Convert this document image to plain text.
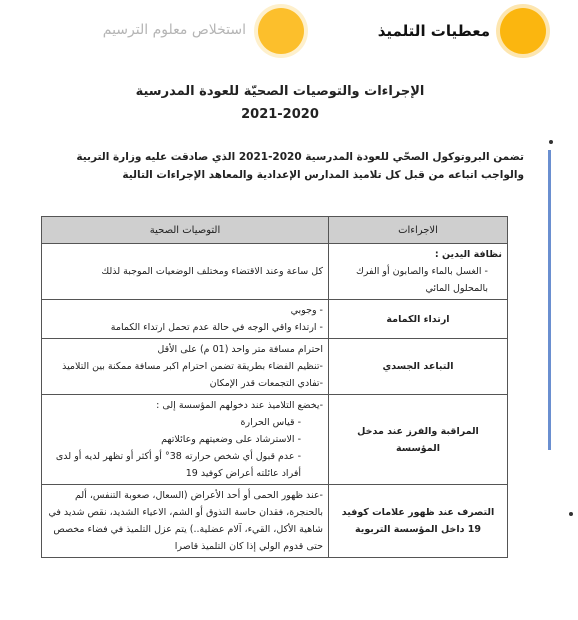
معطيات التلميذ
استخلاص معلوم الترسيم
الإجراءات والتوصيات الصحيّة للعودة المدرسية
2021-2020
تضمن البروتوكول الصحّي للعودة المدرسية 2020-2021 الذي صادقت عليه وزارة التربية والواجب اتباعه من قبل كل تلاميذ المدارس الإعدادية والمعاهد الإجراءات التالية
الاجراءات	التوصيات الصحية

نظافة اليدين :
- الغسل بالماء والصابون أو الفرك بالمحلول المائي	كل ساعة وعند الاقتضاء ومختلف الوضعيات الموجبة لذلك

ارتداء الكمامة	- وجوبي
- ارتداء واقي الوجه في حالة عدم تحمل ارتداء الكمامة

التباعد الجسدي	احترام مسافة متر واحد (01 م) على الأقل
-تنظيم الفضاء بطريقة تضمن احترام اكبر مسافة ممكنة بين التلاميذ
-تفادي التجمعات قدر الإمكان

المراقبة والفرز عند مدخل المؤسسة	-يخضع التلاميذ عند دخولهم المؤسسة إلى :
- قياس الحرارة
- الاسترشاد على وضعيتهم وعائلاتهم
- عدم قبول أي شخص حرارته 38° أو أكثر أو تظهر لديه أو لدى أفراد عائلته أعراض كوفيد 19

التصرف عند ظهور علامات كوفيد 19 داخل المؤسسة التربوية	-عند ظهور الحمى أو أحد الأعراض (السعال، صعوبة التنفس، ألم بالحنجرة، فقدان حاسة التذوق أو الشم، الاعياء الشديد، نقص شديد في شاهية الأكل، القيء، آلام عضلية..) يتم عزل التلميذ في فضاء مخصص حتى قدوم الولي إذا كان التلميذ قاصرا
